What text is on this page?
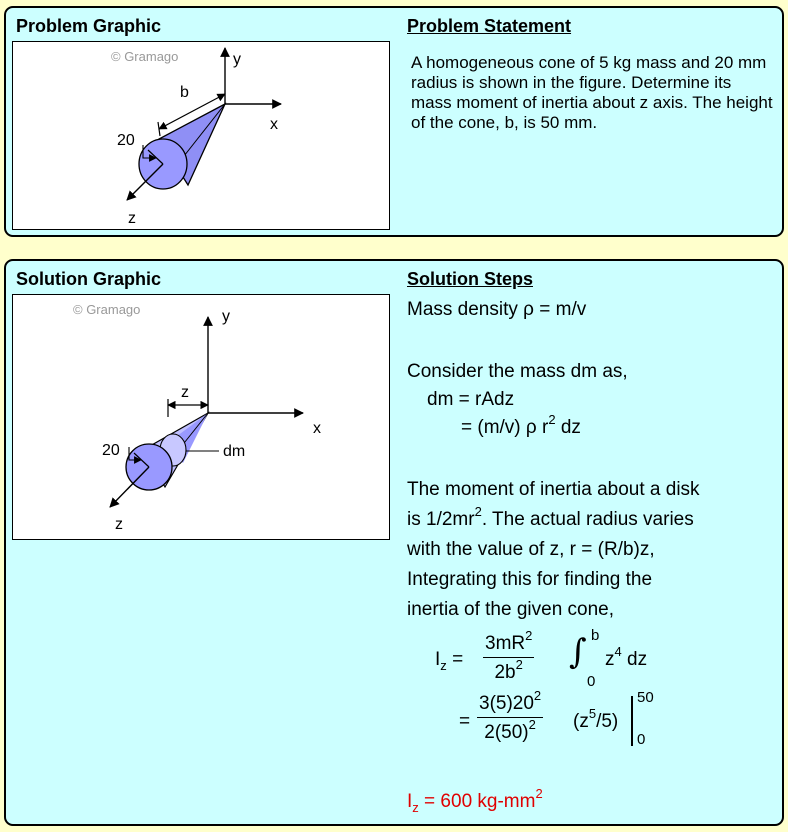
Problem Graphic	Problem Statement
© Gramago	y
x
z
20
b
A homogeneous cone of 5 kg mass and 20 mm radius is shown in the figure. Determine its mass moment of inertia about z axis. The height of the cone, b, is 50 mm.
Solution Graphic	Solution Steps
© Gramago	y
x
z
20	dm
z
Mass density ρ = m/v
Consider the mass dm as,
dm = rAdz
= (m/v) ρ $r^2$ dz
The moment of inertia about a disk
is $1/2mr^2$. The actual radius varies
with the value of z, r = (R/b)z,
Integrating this for finding the
inertia of the given cone,
$I_z = \frac{3mR^2}{2b^2}$ ∫ b
0
$z^4$ dz
= $\frac{3(5)20^2}{2(50)^2} (z^5/5)$
50
0
$I_z = 600$ $kg-mm^2$
